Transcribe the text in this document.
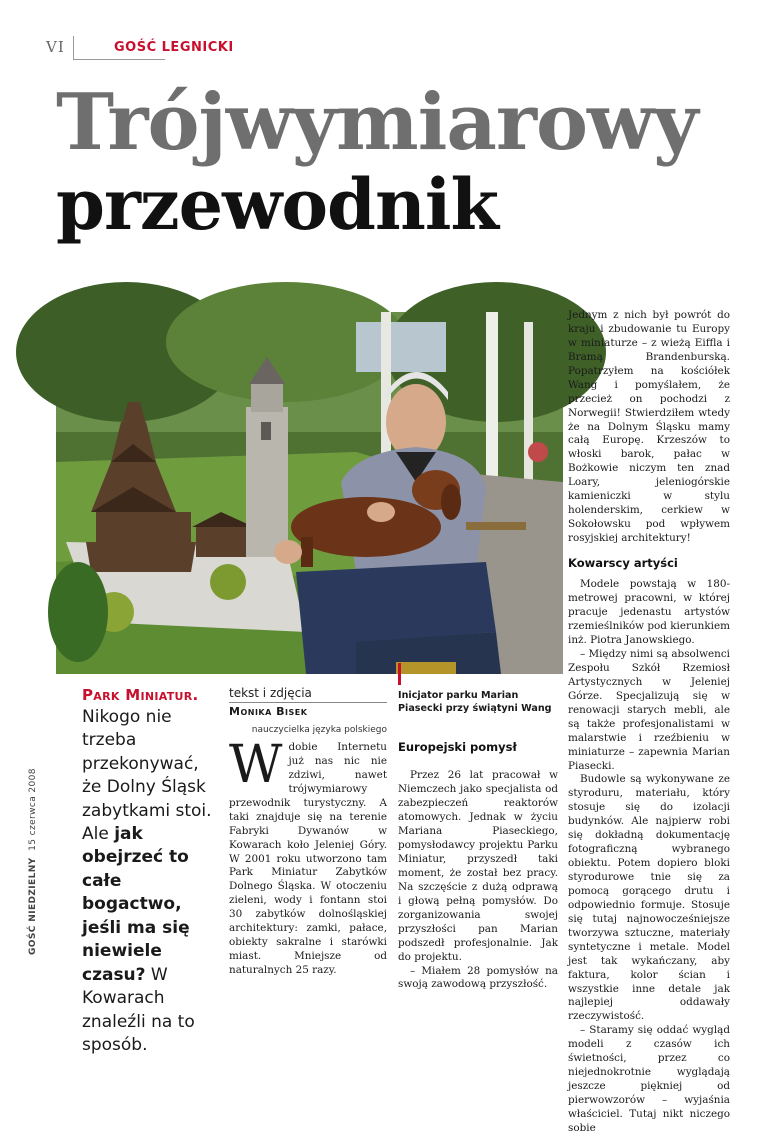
VI	GOŚĆ LEGNICKI
Trójwymiarowy
przewodnik
GOŚĆ NIEDZIELNY  15 czerwca 2008
Park Miniatur.
Nikogo nie trzeba przekonywać, że Dolny Śląsk zabytkami stoi. Ale jak obejrzeć to całe bogactwo, jeśli ma się niewiele czasu? W Kowarach znaleźli na to sposób.
tekst i zdjęcia
Monika Bisek
nauczycielka języka polskiego
W dobie Internetu już nas nic nie zdziwi, nawet trójwymiarowy przewodnik turystyczny. A taki znajduje się na terenie Fabryki Dywanów w Kowarach koło Jeleniej Góry. W 2001 roku utworzono tam Park Miniatur Zabytków Dolnego Śląska. W otoczeniu zieleni, wody i fontann stoi 30 zabytków dolnośląskiej architektury: zamki, pałace, obiekty sakralne i starówki miast. Mniejsze od naturalnych 25 razy.

Inicjator parku Marian Piasecki przy świątyni Wang
Europejski pomysł

Przez 26 lat pracował w Niemczech jako specjalista od zabezpieczeń reaktorów atomowych. Jednak w życiu Mariana Piaseckiego, pomysłodawcy projektu Parku Miniatur, przyszedł taki moment, że został bez pracy. Na szczęście z dużą odprawą i głową pełną pomysłów. Do zorganizowania swojej przyszłości pan Marian podszedł profesjonalnie. Jak do projektu.

– Miałem 28 pomysłów na swoją zawodową przyszłość.

Jednym z nich był powrót do kraju i zbudowanie tu Europy w miniaturze – z wieżą Eiffla i Bramą Brandenburską. Popatrzyłem na kościółek Wang i pomyślałem, że przecież on pochodzi z Norwegii! Stwierdziłem wtedy że na Dolnym Śląsku mamy całą Europę. Krzeszów to włoski barok, pałac w Bożkowie niczym ten znad Loary, jeleniogórskie kamieniczki w stylu holenderskim, cerkiew w Sokołowsku pod wpływem rosyjskiej architektury!

Kowarscy artyści

Modele powstają w 180-metrowej pracowni, w której pracuje jedenastu artystów rzemieślników pod kierunkiem inż. Piotra Janowskiego.

– Między nimi są absolwenci Zespołu Szkół Rzemiosł Artystycznych w Jeleniej Górze. Specjalizują się w renowacji starych mebli, ale są także profesjonalistami w malarstwie i rzeźbieniu w miniaturze – zapewnia Marian Piasecki.

Budowle są wykonywane ze styroduru, materiału, który stosuje się do izolacji budynków. Ale najpierw robi się dokładną dokumentację fotograficzną wybranego obiektu. Potem dopiero bloki styrodurowe tnie się za pomocą gorącego drutu i odpowiednio formuje. Stosuje się tutaj najnowocześniejsze tworzywa sztuczne, materiały syntetyczne i metale. Model jest tak wykańczany, aby faktura, kolor ścian i wszystkie inne detale jak najlepiej oddawały rzeczywistość.

– Staramy się oddać wygląd modeli z czasów ich świetności, przez co niejednokrotnie wyglądają jeszcze piękniej od pierwowzorów – wyjaśnia właściciel. Tutaj nikt niczego sobie
